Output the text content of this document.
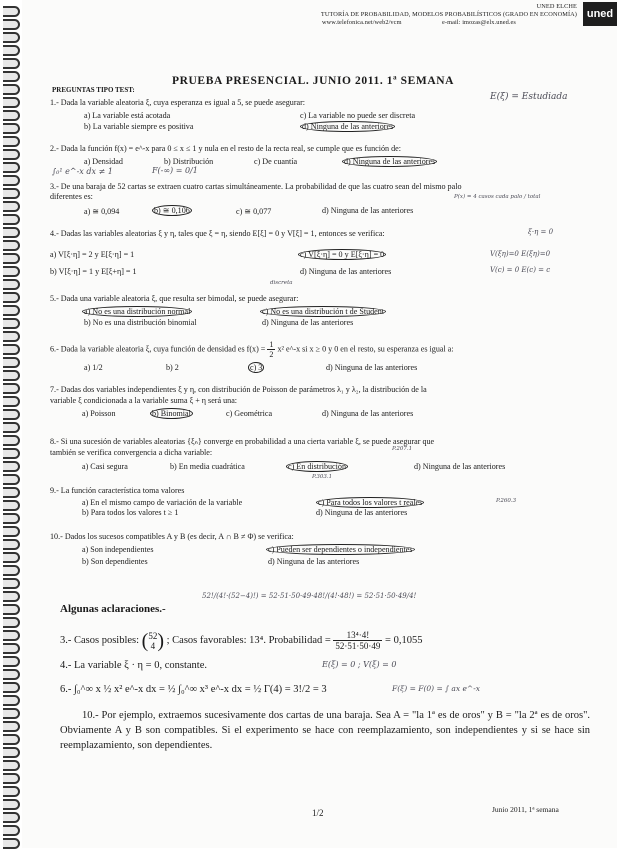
UNED ELCHE
TUTORÍA DE PROBABILIDAD, MODELOS PROBABILÍSTICOS (GRADO EN ECONOMÍA)
www.telefonica.net/web2/vcm	e-mail: imozas@elx.uned.es
uned
PRUEBA PRESENCIAL. JUNIO 2011. 1ª SEMANA
PREGUNTAS TIPO TEST:
E(ξ) = Estudiada
1.- Dada la variable aleatoria ξ, cuya esperanza es igual a 5, se puede asegurar:
a) La variable está acotada	c) La variable no puede ser discreta
b) La variable siempre es positiva	d) Ninguna de las anteriores
2.- Dada la función f(x) = e^-x para 0 ≤ x ≤ 1 y nula en el resto de la recta real, se cumple que es función de:
a) Densidad	b) Distribución	c) De cuantía	d) Ninguna de las anteriores
∫₀¹ e^-x dx ≠ 1	F(-∞) = 0/1
3.- De una baraja de 52 cartas se extraen cuatro cartas simultáneamente. La probabilidad de que las cuatro sean del mismo palo
diferentes es:	P(x) = 4 casos cada palo / total
a) ≅ 0,094	b) ≅ 0,106	c) ≅ 0,077	d) Ninguna de las anteriores
4.- Dadas las variables aleatorias ξ y η, tales que ξ = η, siendo E[ξ] = 0 y V[ξ] = 1, entonces se verifica:	ξ·η = 0
a) V[ξ·η] = 2 y E[ξ·η] = 1	c) V[ξ·η] = 0 y E[ξ·η] = 0	V(ξη)=0 E(ξη)=0
b) V[ξ·η] = 1 y E[ξ+η] = 1	d) Ninguna de las anteriores	V(c) = 0 E(c) = c
discreta
5.- Dada una variable aleatoria ξ, que resulta ser bimodal, se puede asegurar:
a) No es una distribución normal	c) No es una distribución t de Student
b) No es una distribución binomial	d) Ninguna de las anteriores
6.- Dada la variable aleatoria ξ, cuya función de densidad es $f(x) = \frac{1}{2} x^2$ e^-x si x ≥ 0 y 0 en el resto, su esperanza es igual a:
a) 1/2	b) 2	c) 3	d) Ninguna de las anteriores
7.- Dadas dos variables independientes ξ y η, con distribución de Poisson de parámetros λ₁ y λ₂, la distribución de la
variable ξ condicionada a la variable suma ξ + η será una:
a) Poisson	b) Binomial	c) Geométrica	d) Ninguna de las anteriores
8.- Si una sucesión de variables aleatorias {ξₙ} converge en probabilidad a una cierta variable ξ, se puede asegurar que
también se verifica convergencia a dicha variable:	P.207.1
a) Casi segura	b) En media cuadrática	c) En distribución	d) Ninguna de las anteriores
P.303.1
9.- La función característica toma valores
a) En el mismo campo de variación de la variable	c) Para todos los valores t reales	P.260.3
b) Para todos los valores t ≥ 1	d) Ninguna de las anteriores
10.- Dados los sucesos compatibles A y B (es decir, A ∩ B ≠ Φ) se verifica:
a) Son independientes	c) Pueden ser dependientes o independientes
b) Son dependientes	d) Ninguna de las anteriores
Algunas aclaraciones.-
52!/(4!·(52−4)!) = 52·51·50·49·48!/(4!·48!) = 52·51·50·49/4!
3.- Casos posibles: ( 52
4 ) ; Casos favorables: 13⁴. Probabilidad = $\frac{\text{13⁴·4!}}{52\cdot 51\cdot 50\cdot 49} = 0,1055$
4.- La variable ξ · η = 0, constante.	E(ξ) = 0 ; V(ξ) = 0
6.- ∫₀^∞ x ½ x² e^-x dx = ½ ∫₀^∞ x³ e^-x dx = ½ Γ(4) = 3!/2 = 3	F(ξ) = F(0) = ∫ ax e^-x
10.- Por ejemplo, extraemos sucesivamente dos cartas de una baraja. Sea A = "la 1ª es de oros" y B = "la 2ª es de oros". Obviamente A y B son compatibles. Si el experimento se hace con reemplazamiento, son independientes y si se hace sin reemplazamiento, son dependientes.
1/2	Junio 2011, 1ª semana
